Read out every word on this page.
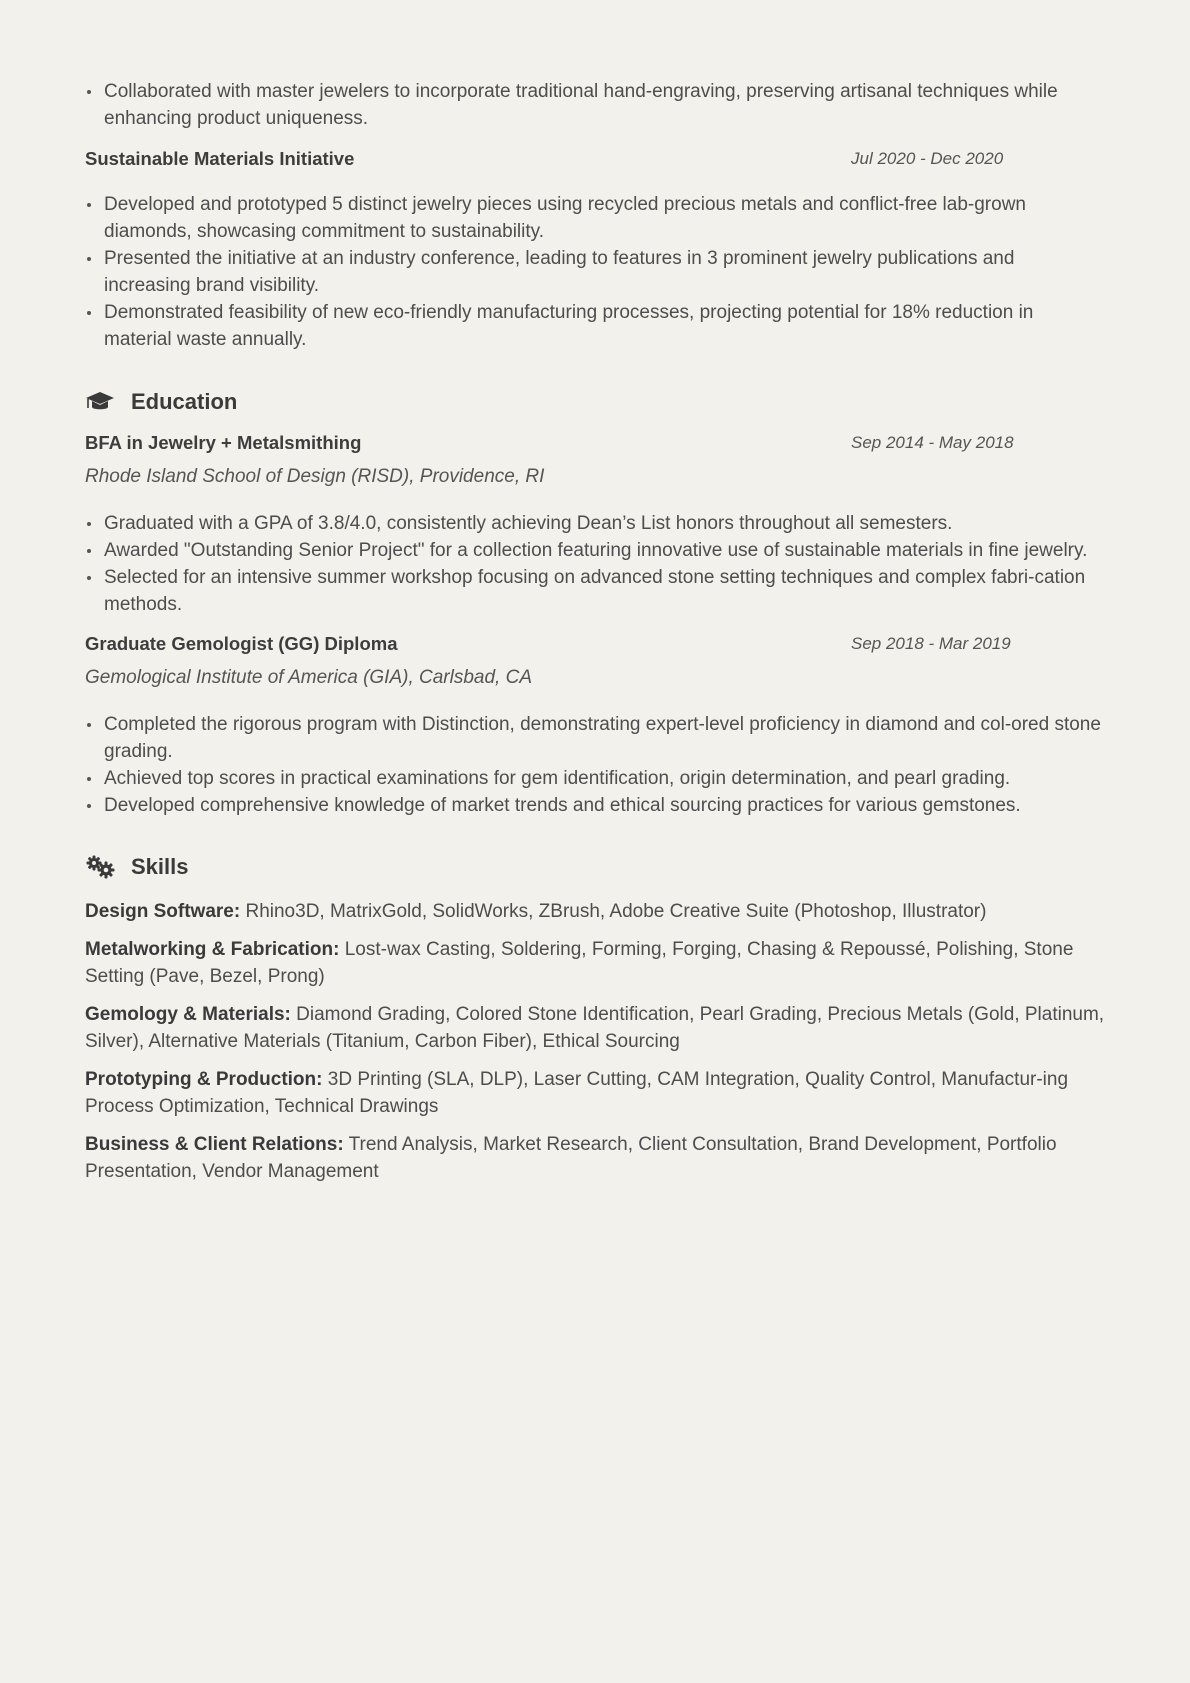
Collaborated with master jewelers to incorporate traditional hand-engraving, preserving artisanal techniques while enhancing product uniqueness.
Sustainable Materials Initiative	Jul 2020 - Dec 2020
Developed and prototyped 5 distinct jewelry pieces using recycled precious metals and conflict-free lab-grown diamonds, showcasing commitment to sustainability.
Presented the initiative at an industry conference, leading to features in 3 prominent jewelry publications and increasing brand visibility.
Demonstrated feasibility of new eco-friendly manufacturing processes, projecting potential for 18% reduction in material waste annually.
Education
BFA in Jewelry + Metalsmithing	Sep 2014 - May 2018
Rhode Island School of Design (RISD), Providence, RI
Graduated with a GPA of 3.8/4.0, consistently achieving Dean’s List honors throughout all semesters.
Awarded "Outstanding Senior Project" for a collection featuring innovative use of sustainable materials in fine jewelry.
Selected for an intensive summer workshop focusing on advanced stone setting techniques and complex fabri-cation methods.
Graduate Gemologist (GG) Diploma	Sep 2018 - Mar 2019
Gemological Institute of America (GIA), Carlsbad, CA
Completed the rigorous program with Distinction, demonstrating expert-level proficiency in diamond and col-ored stone grading.
Achieved top scores in practical examinations for gem identification, origin determination, and pearl grading.
Developed comprehensive knowledge of market trends and ethical sourcing practices for various gemstones.
Skills
Design Software: Rhino3D, MatrixGold, SolidWorks, ZBrush, Adobe Creative Suite (Photoshop, Illustrator)
Metalworking & Fabrication: Lost-wax Casting, Soldering, Forming, Forging, Chasing & Repoussé, Polishing, Stone Setting (Pave, Bezel, Prong)
Gemology & Materials: Diamond Grading, Colored Stone Identification, Pearl Grading, Precious Metals (Gold, Platinum, Silver), Alternative Materials (Titanium, Carbon Fiber), Ethical Sourcing
Prototyping & Production: 3D Printing (SLA, DLP), Laser Cutting, CAM Integration, Quality Control, Manufactur-ing Process Optimization, Technical Drawings
Business & Client Relations: Trend Analysis, Market Research, Client Consultation, Brand Development, Portfolio Presentation, Vendor Management
